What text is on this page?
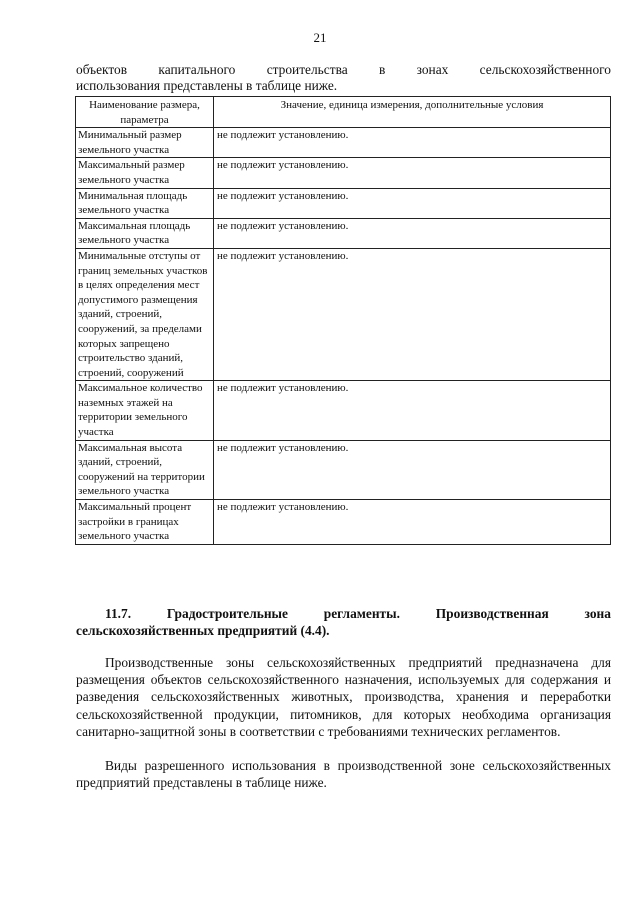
21
объектов капитального строительства в зонах сельскохозяйственного
использования представлены в таблице ниже.
Наименование размера, параметра	Значение, единица измерения, дополнительные условия
Минимальный размер земельного участка	не подлежит установлению.
Максимальный размер земельного участка	не подлежит установлению.
Минимальная площадь земельного участка	не подлежит установлению.
Максимальная площадь земельного участка	не подлежит установлению.
Минимальные отступы от границ земельных участков в целях определения мест допустимого размещения зданий, строений, сооружений, за пределами которых запрещено строительство зданий, строений, сооружений	не подлежит установлению.
Максимальное количество наземных этажей на территории земельного участка	не подлежит установлению.
Максимальная высота зданий, строений, сооружений на территории земельного участка	не подлежит установлению.
Максимальный процент застройки в границах земельного участка	не подлежит установлению.
11.7.	Градостроительные	регламенты.	Производственная	зона
сельскохозяйственных предприятий (4.4).
Производственные зоны сельскохозяйственных предприятий предназначена для размещения объектов сельскохозяйственного назначения, используемых для содержания и разведения сельскохозяйственных животных, производства, хранения и переработки сельскохозяйственной продукции, питомников, для которых необходима организация санитарно-защитной зоны в соответствии с требованиями технических регламентов.
Виды разрешенного использования в производственной зоне сельскохозяйственных предприятий представлены в таблице ниже.
